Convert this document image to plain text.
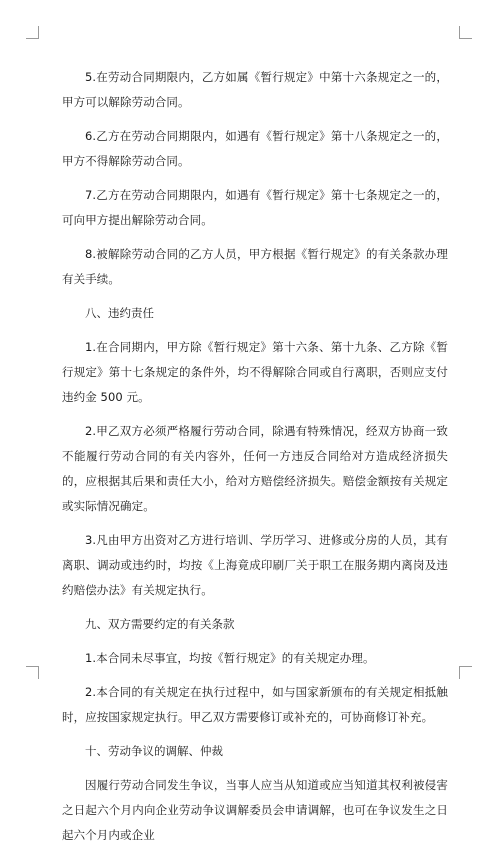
5.在劳动合同期限内，乙方如属《暂行规定》中第十六条规定之一的，甲方可以解除劳动合同。

6.乙方在劳动合同期限内，如遇有《暂行规定》第十八条规定之一的，甲方不得解除劳动合同。

7.乙方在劳动合同期限内，如遇有《暂行规定》第十七条规定之一的，可向甲方提出解除劳动合同。

8.被解除劳动合同的乙方人员，甲方根据《暂行规定》的有关条款办理有关手续。

八、违约责任

1.在合同期内，甲方除《暂行规定》第十六条、第十九条、乙方除《暂行规定》第十七条规定的条件外，均不得解除合同或自行离职，否则应支付违约金 500 元。

2.甲乙双方必须严格履行劳动合同，除遇有特殊情况，经双方协商一致不能履行劳动合同的有关内容外，任何一方违反合同给对方造成经济损失的，应根据其后果和责任大小，给对方赔偿经济损失。赔偿金额按有关规定或实际情况确定。

3.凡由甲方出资对乙方进行培训、学历学习、进修或分房的人员，其有离职、调动或违约时，均按《上海竟成印刷厂关于职工在服务期内离岗及违约赔偿办法》有关规定执行。

九、双方需要约定的有关条款

1.本合同未尽事宜，均按《暂行规定》的有关规定办理。

2.本合同的有关规定在执行过程中，如与国家新颁布的有关规定相抵触时，应按国家规定执行。甲乙双方需要修订或补充的，可协商修订补充。

十、劳动争议的调解、仲裁

因履行劳动合同发生争议，当事人应当从知道或应当知道其权利被侵害之日起六个月内向企业劳动争议调解委员会申请调解，也可在争议发生之日起六个月内或企业
